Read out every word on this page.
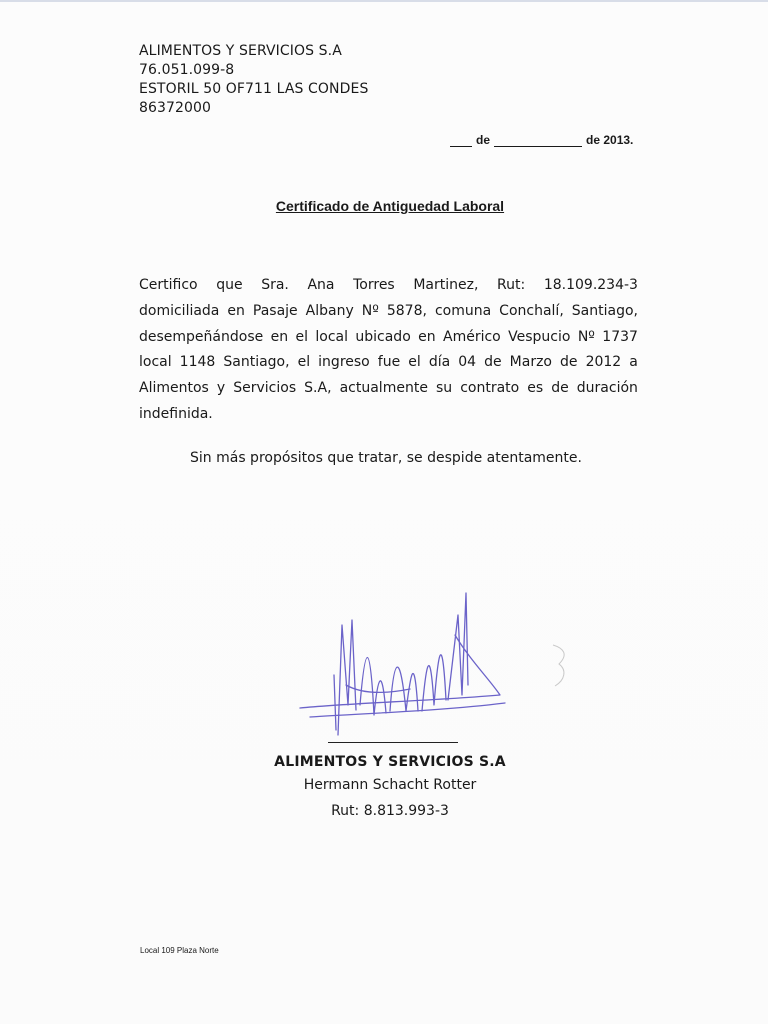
ALIMENTOS Y SERVICIOS S.A
76.051.099-8
ESTORIL 50 OF711 LAS CONDES
86372000
de	de 2013.
Certificado de Antiguedad Laboral
Certifico que Sra. Ana Torres Martinez, Rut: 18.109.234-3
domiciliada en Pasaje Albany Nº 5878, comuna Conchalí, Santiago,
desempeñándose en el local ubicado en Américo Vespucio Nº 1737
local 1148 Santiago, el ingreso fue el día 04 de Marzo de 2012 a
Alimentos y Servicios S.A, actualmente su contrato es de duración
indefinida.
Sin más propósitos que tratar, se despide atentamente.
ALIMENTOS Y SERVICIOS S.A
Hermann Schacht Rotter
Rut: 8.813.993-3
Local 109 Plaza Norte
